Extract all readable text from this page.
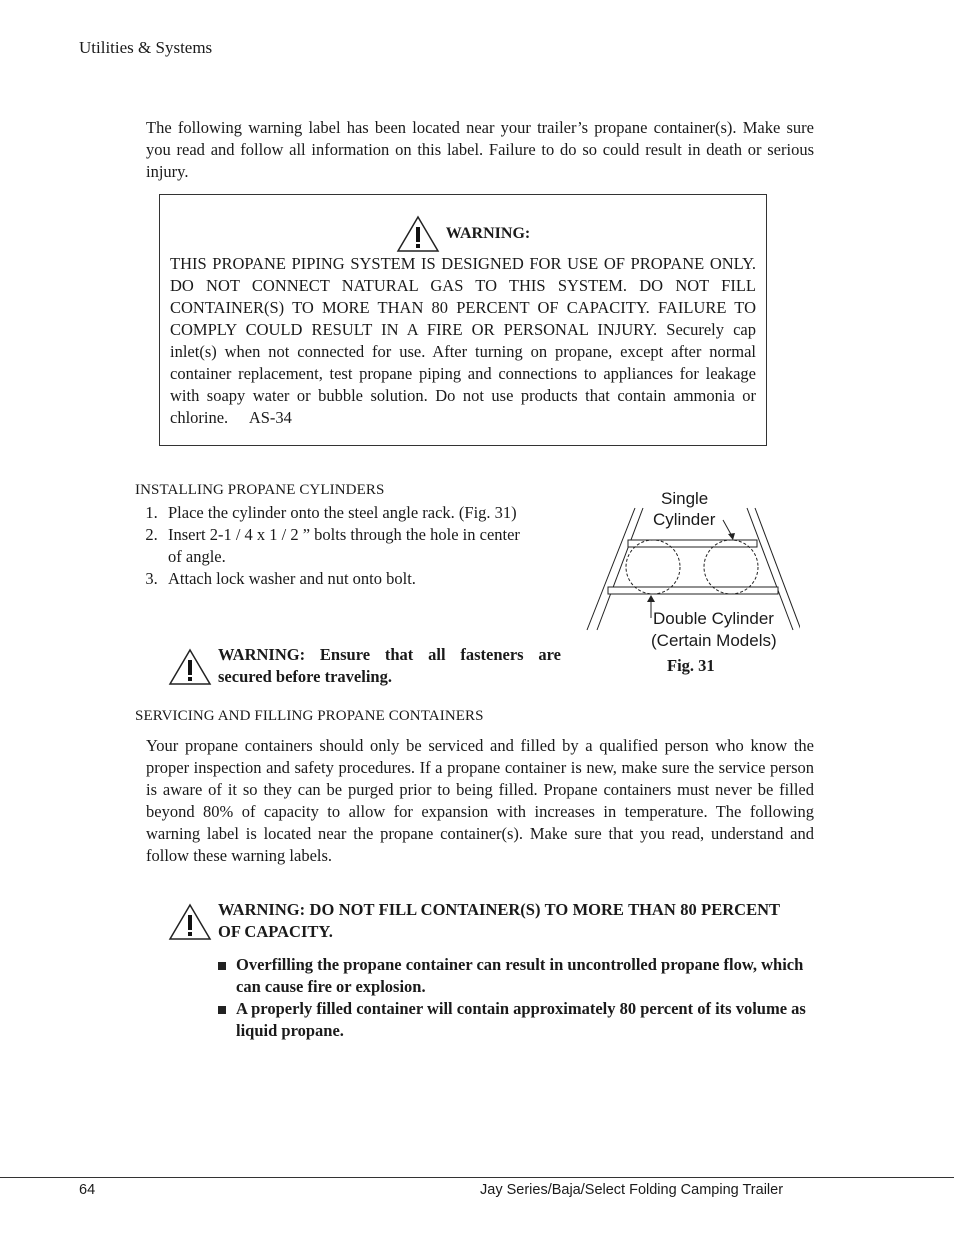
Utilities & Systems
The following warning label has been located near your trailer’s propane container(s). Make sure you read and follow all information on this label. Failure to do so could result in death or serious injury.
WARNING:
THIS PROPANE PIPING SYSTEM IS DESIGNED FOR USE OF PROPANE ONLY. DO NOT CONNECT NATURAL GAS TO THIS SYSTEM. DO NOT FILL CONTAINER(S) TO MORE THAN 80 PERCENT OF CAPACITY. FAILURE TO COMPLY COULD RESULT IN A FIRE OR PERSONAL INJURY. Securely cap inlet(s) when not connected for use. After turning on propane, except after normal container replacement, test propane piping and connections to appliances for leakage with soapy water or bubble solution. Do not use products that contain ammonia or chlorine. AS-34
INSTALLING PROPANE CYLINDERS
1. Place the cylinder onto the steel angle rack. (Fig. 31)
2. Insert 2-1 / 4 x 1 / 2 ” bolts through the hole in center of angle.
3. Attach lock washer and nut onto bolt.
WARNING: Ensure that all fasteners are secured before traveling.
Single
Cylinder
Double Cylinder
(Certain Models)
Fig. 31
SERVICING AND FILLING PROPANE CONTAINERS
Your propane containers should only be serviced and filled by a qualified person who know the proper inspection and safety procedures. If a propane container is new, make sure the service person is aware of it so they can be purged prior to being filled. Propane containers must never be filled beyond 80% of capacity to allow for expansion with increases in temperature. The following warning label is located near the propane container(s). Make sure that you read, understand and follow these warning labels.
WARNING: DO NOT FILL CONTAINER(S) TO MORE THAN 80 PERCENT OF CAPACITY.
Overfilling the propane container can result in uncontrolled propane flow, which can cause fire or explosion.
A properly filled container will contain approximately 80 percent of its volume as liquid propane.
64	Jay Series/Baja/Select Folding Camping Trailer
